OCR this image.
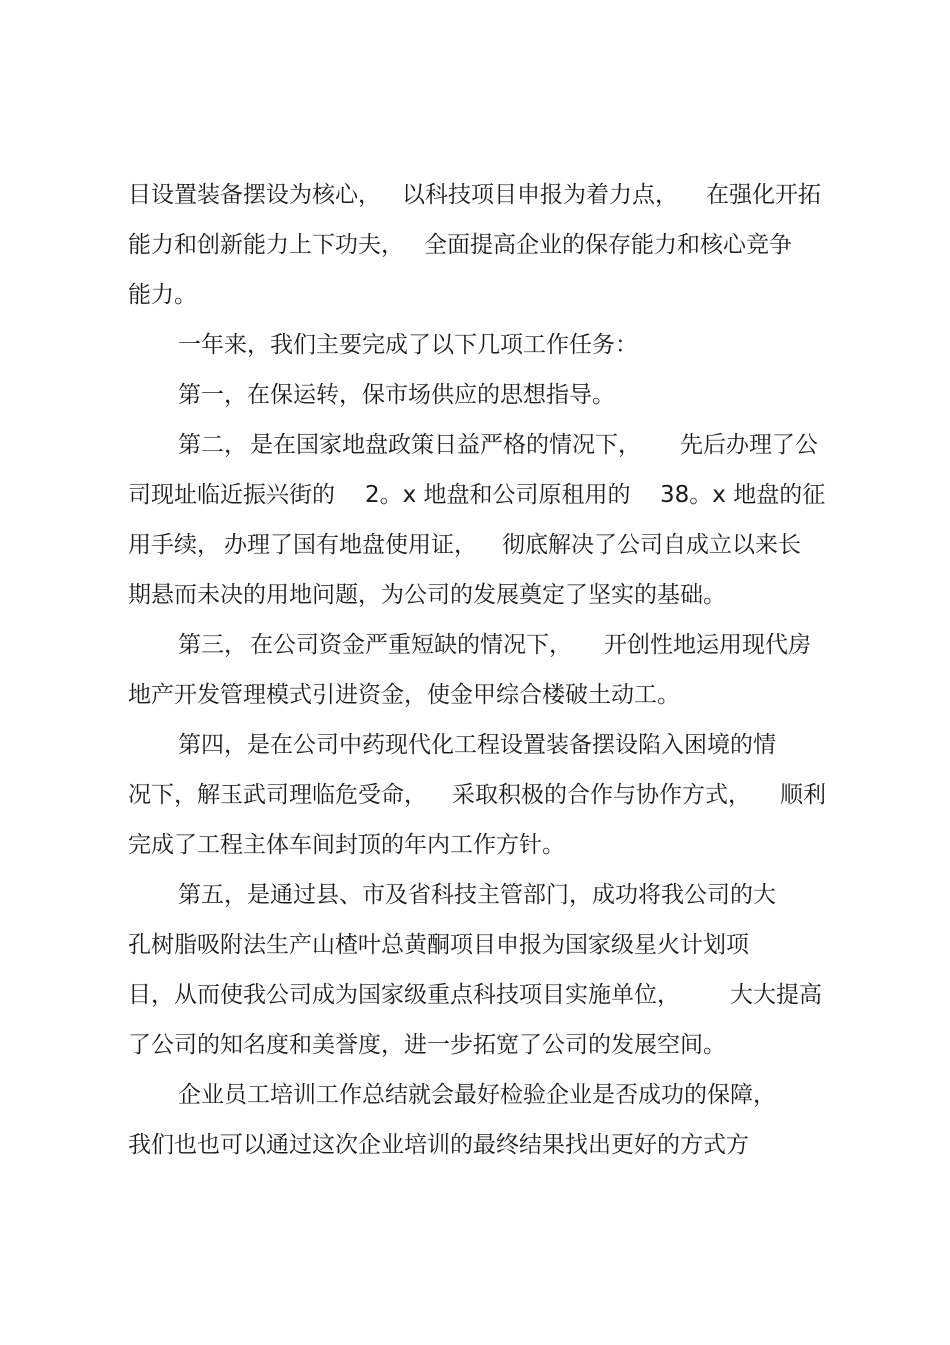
目设置装备摆设为核心，

以科技项目申报为着力点，

在强化开拓

能力和创新能力上下功夫，

全面提高企业的保存能力和核心竞争

能力。

一年来，我们主要完成了以下几项工作任务：

第一，在保运转，保市场供应的思想指导。

第二，

是在国家地盘政策日益严格的情况下，

先后办理了公

司现址临近振兴街的

2。x 地盘和公司原租用的

38。x 地盘的征

用手续，

办理了国有地盘使用证，

彻底解决了公司自成立以来长

期悬而未决的用地问题，为公司的发展奠定了坚实的基础。

第三，

在公司资金严重短缺的情况下，

开创性地运用现代房

地产开发管理模式引进资金，使金甲综合楼破土动工。

第四，是在公司中药现代化工程设置装备摆设陷入困境的情

况下，解玉武司理临危受命，

采取积极的合作与协作方式，

顺利

完成了工程主体车间封顶的年内工作方针。

第五，是通过县、市及省科技主管部门，成功将我公司的大

孔树脂吸附法生产山楂叶总黄酮项目申报为国家级星火计划项

目，从而使我公司成为国家级重点科技项目实施单位，

大大提高

了公司的知名度和美誉度，进一步拓宽了公司的发展空间。

企业员工培训工作总结就会最好检验企业是否成功的保障，

我们也也可以通过这次企业培训的最终结果找出更好的方式方
